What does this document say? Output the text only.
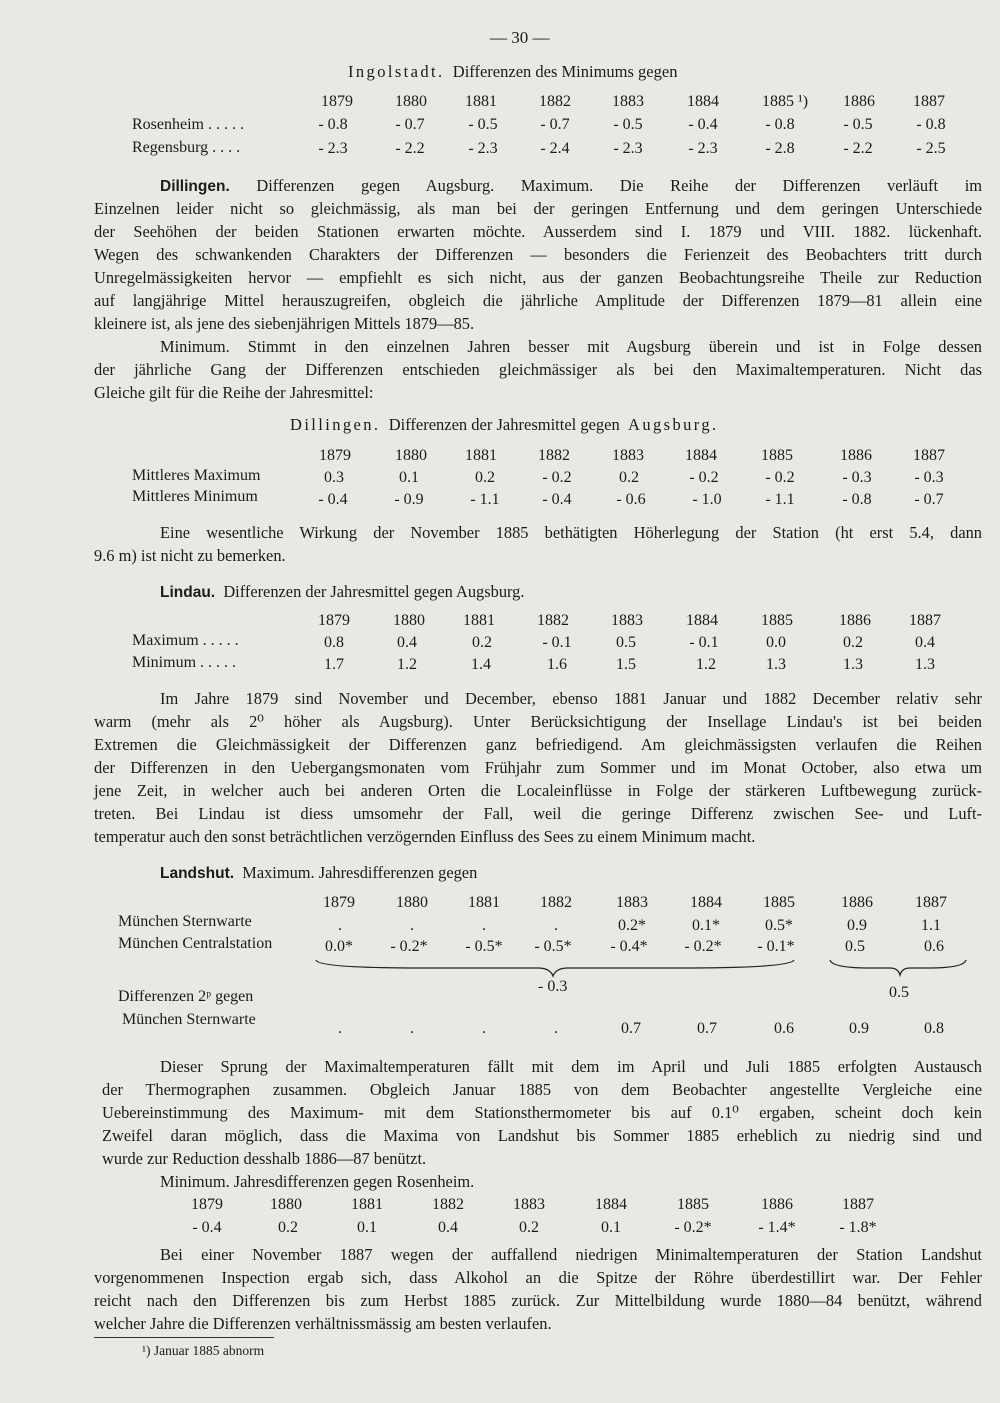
— 30 —
Ingolstadt. Differenzen des Minimums gegen
1879	1880 1881	1882	1883	1884	1885 ¹) 1886 1887
Rosenheim . . . . .	- 0.8	- 0.7	- 0.5	- 0.7	- 0.5	- 0.4	- 0.8	- 0.5	- 0.8
Regensburg . . . .	- 2.3	- 2.2	- 2.3	- 2.4	- 2.3	- 2.3	- 2.8	- 2.2	- 2.5
Dillingen. Differenzen gegen Augsburg. Maximum. Die Reihe der Differenzen verläuft im
Einzelnen leider nicht so gleichmässig, als man bei der geringen Entfernung und dem geringen Unterschiede
der Seehöhen der beiden Stationen erwarten möchte. Ausserdem sind I. 1879 und VIII. 1882. lückenhaft.
Wegen des schwankenden Charakters der Differenzen — besonders die Ferienzeit des Beobachters tritt durch
Unregelmässigkeiten hervor — empfiehlt es sich nicht, aus der ganzen Beobachtungsreihe Theile zur Reduction
auf langjährige Mittel herauszugreifen, obgleich die jährliche Amplitude der Differenzen 1879—81 allein eine
kleinere ist, als jene des siebenjährigen Mittels 1879—85.
Minimum. Stimmt in den einzelnen Jahren besser mit Augsburg überein und ist in Folge dessen
der jährliche Gang der Differenzen entschieden gleichmässiger als bei den Maximaltemperaturen. Nicht das
Gleiche gilt für die Reihe der Jahresmittel:
Dillingen. Differenzen der Jahresmittel gegen Augsburg.
1879	1880 1881	1882	1883	1884	1885	1886	1887
Mittleres Maximum	0.3	0.1	0.2	- 0.2	0.2	- 0.2	- 0.2	- 0.3	- 0.3
Mittleres Minimum	- 0.4	- 0.9	- 1.1	- 0.4	- 0.6	- 1.0	- 1.1	- 0.8	- 0.7
Eine wesentliche Wirkung der November 1885 bethätigten Höherlegung der Station (ht erst 5.4, dann
9.6 m) ist nicht zu bemerken.
Lindau. Differenzen der Jahresmittel gegen Augsburg.
1879	1880 1881	1882	1883	1884	1885	1886 1887
Maximum . . . . .	0.8	0.4	0.2	- 0.1	0.5	- 0.1	0.0	0.2	0.4
Minimum . . . . .	1.7	1.2	1.4	1.6	1.5	1.2	1.3	1.3	1.3
Im Jahre 1879 sind November und December, ebenso 1881 Januar und 1882 December relativ sehr
warm (mehr als 2⁰ höher als Augsburg). Unter Berücksichtigung der Insellage Lindau's ist bei beiden
Extremen die Gleichmässigkeit der Differenzen ganz befriedigend. Am gleichmässigsten verlaufen die Reihen
der Differenzen in den Uebergangsmonaten vom Frühjahr zum Sommer und im Monat October, also etwa um
jene Zeit, in welcher auch bei anderen Orten die Localeinflüsse in Folge der stärkeren Luftbewegung zurück-
treten. Bei Lindau ist diess umsomehr der Fall, weil die geringe Differenz zwischen See- und Luft-
temperatur auch den sonst beträchtlichen verzögernden Einfluss des Sees zu einem Minimum macht.
Landshut. Maximum. Jahresdifferenzen gegen
1879	1880	1881	1882	1883	1884	1885	1886	1887
München Sternwarte	.	.	.	.	0.2*	0.1*	0.5*	0.9	1.1
München Centralstation	0.0* - 0.2* - 0.5* - 0.5* - 0.4* - 0.2* - 0.1*	0.5	0.6
- 0.3	0.5
Differenzen 2ᵖ gegen
München Sternwarte
.	.	.	.	0.7	0.7	0.6	0.9	0.8
Dieser Sprung der Maximaltemperaturen fällt mit dem im April und Juli 1885 erfolgten Austausch
der Thermographen zusammen. Obgleich Januar 1885 von dem Beobachter angestellte Vergleiche eine
Uebereinstimmung des Maximum- mit dem Stationsthermometer bis auf 0.1⁰ ergaben, scheint doch kein
Zweifel daran möglich, dass die Maxima von Landshut bis Sommer 1885 erheblich zu niedrig sind und
wurde zur Reduction desshalb 1886—87 benützt.
Minimum. Jahresdifferenzen gegen Rosenheim.
1879	1880	1881	1882	1883	1884	1885	1886	1887
- 0.4	0.2	0.1	0.4	0.2	0.1	- 0.2*	- 1.4*	- 1.8*
Bei einer November 1887 wegen der auffallend niedrigen Minimaltemperaturen der Station Landshut
vorgenommenen Inspection ergab sich, dass Alkohol an die Spitze der Röhre überdestillirt war. Der Fehler
reicht nach den Differenzen bis zum Herbst 1885 zurück. Zur Mittelbildung wurde 1880—84 benützt, während
welcher Jahre die Differenzen verhältnissmässig am besten verlaufen.
¹) Januar 1885 abnorm
